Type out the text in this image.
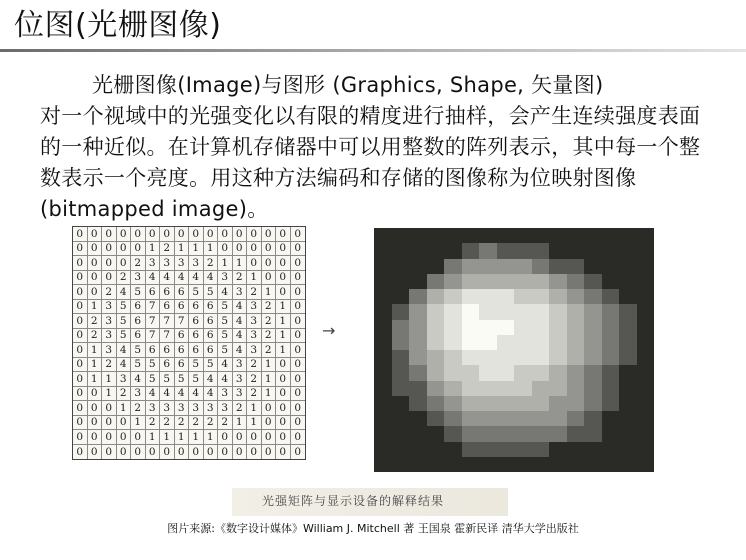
位图(光栅图像)
光栅图像(Image)与图形 (Graphics, Shape, 矢量图)
对一个视域中的光强变化以有限的精度进行抽样，会产生连续强度表面的一种近似。在计算机存储器中可以用整数的阵列表示，其中每一个整数表示一个亮度。用这种方法编码和存储的图像称为位映射图像 (bitmapped image)。
0 0 0 0 0 0 0 0 0 0 0 0 0 0 0 0
0 0 0 0 0 1 2 1 1 1 0 0 0 0 0 0
0 0 0 0 2 3 3 3 3 2 1 1 0 0 0 0
0 0 0 2 3 4 4 4 4 4 3 2 1 0 0 0
0 0 2 4 5 6 6 6 5 5 4 3 2 1 0 0
0 1 3 5 6 7 6 6 6 6 5 4 3 2 1 0
0 2 3 5 6 7 7 7 6 6 5 4 3 2 1 0
0 2 3 5 6 7 7 6 6 6 5 4 3 2 1 0
0 1 3 4 5 6 6 6 6 6 5 4 3 2 1 0
0 1 2 4 5 5 6 6 5 5 4 3 2 1 0 0
0 1 1 3 4 5 5 5 5 4 4 3 2 1 0 0
0 0 1 2 3 4 4 4 4 4 3 3 2 1 0 0
0 0 0 1 2 3 3 3 3 3 3 2 1 0 0 0
0 0 0 0 1 2 2 2 2 2 2 1 1 0 0 0
0 0 0 0 0 1 1 1 1 1 0 0 0 0 0 0
0 0 0 0 0 0 0 0 0 0 0 0 0 0 0 0
→
光强矩阵与显示设备的解释结果
图片来源:《数字设计媒体》William J. Mitchell 著 王国泉 霍新民译 清华大学出版社
